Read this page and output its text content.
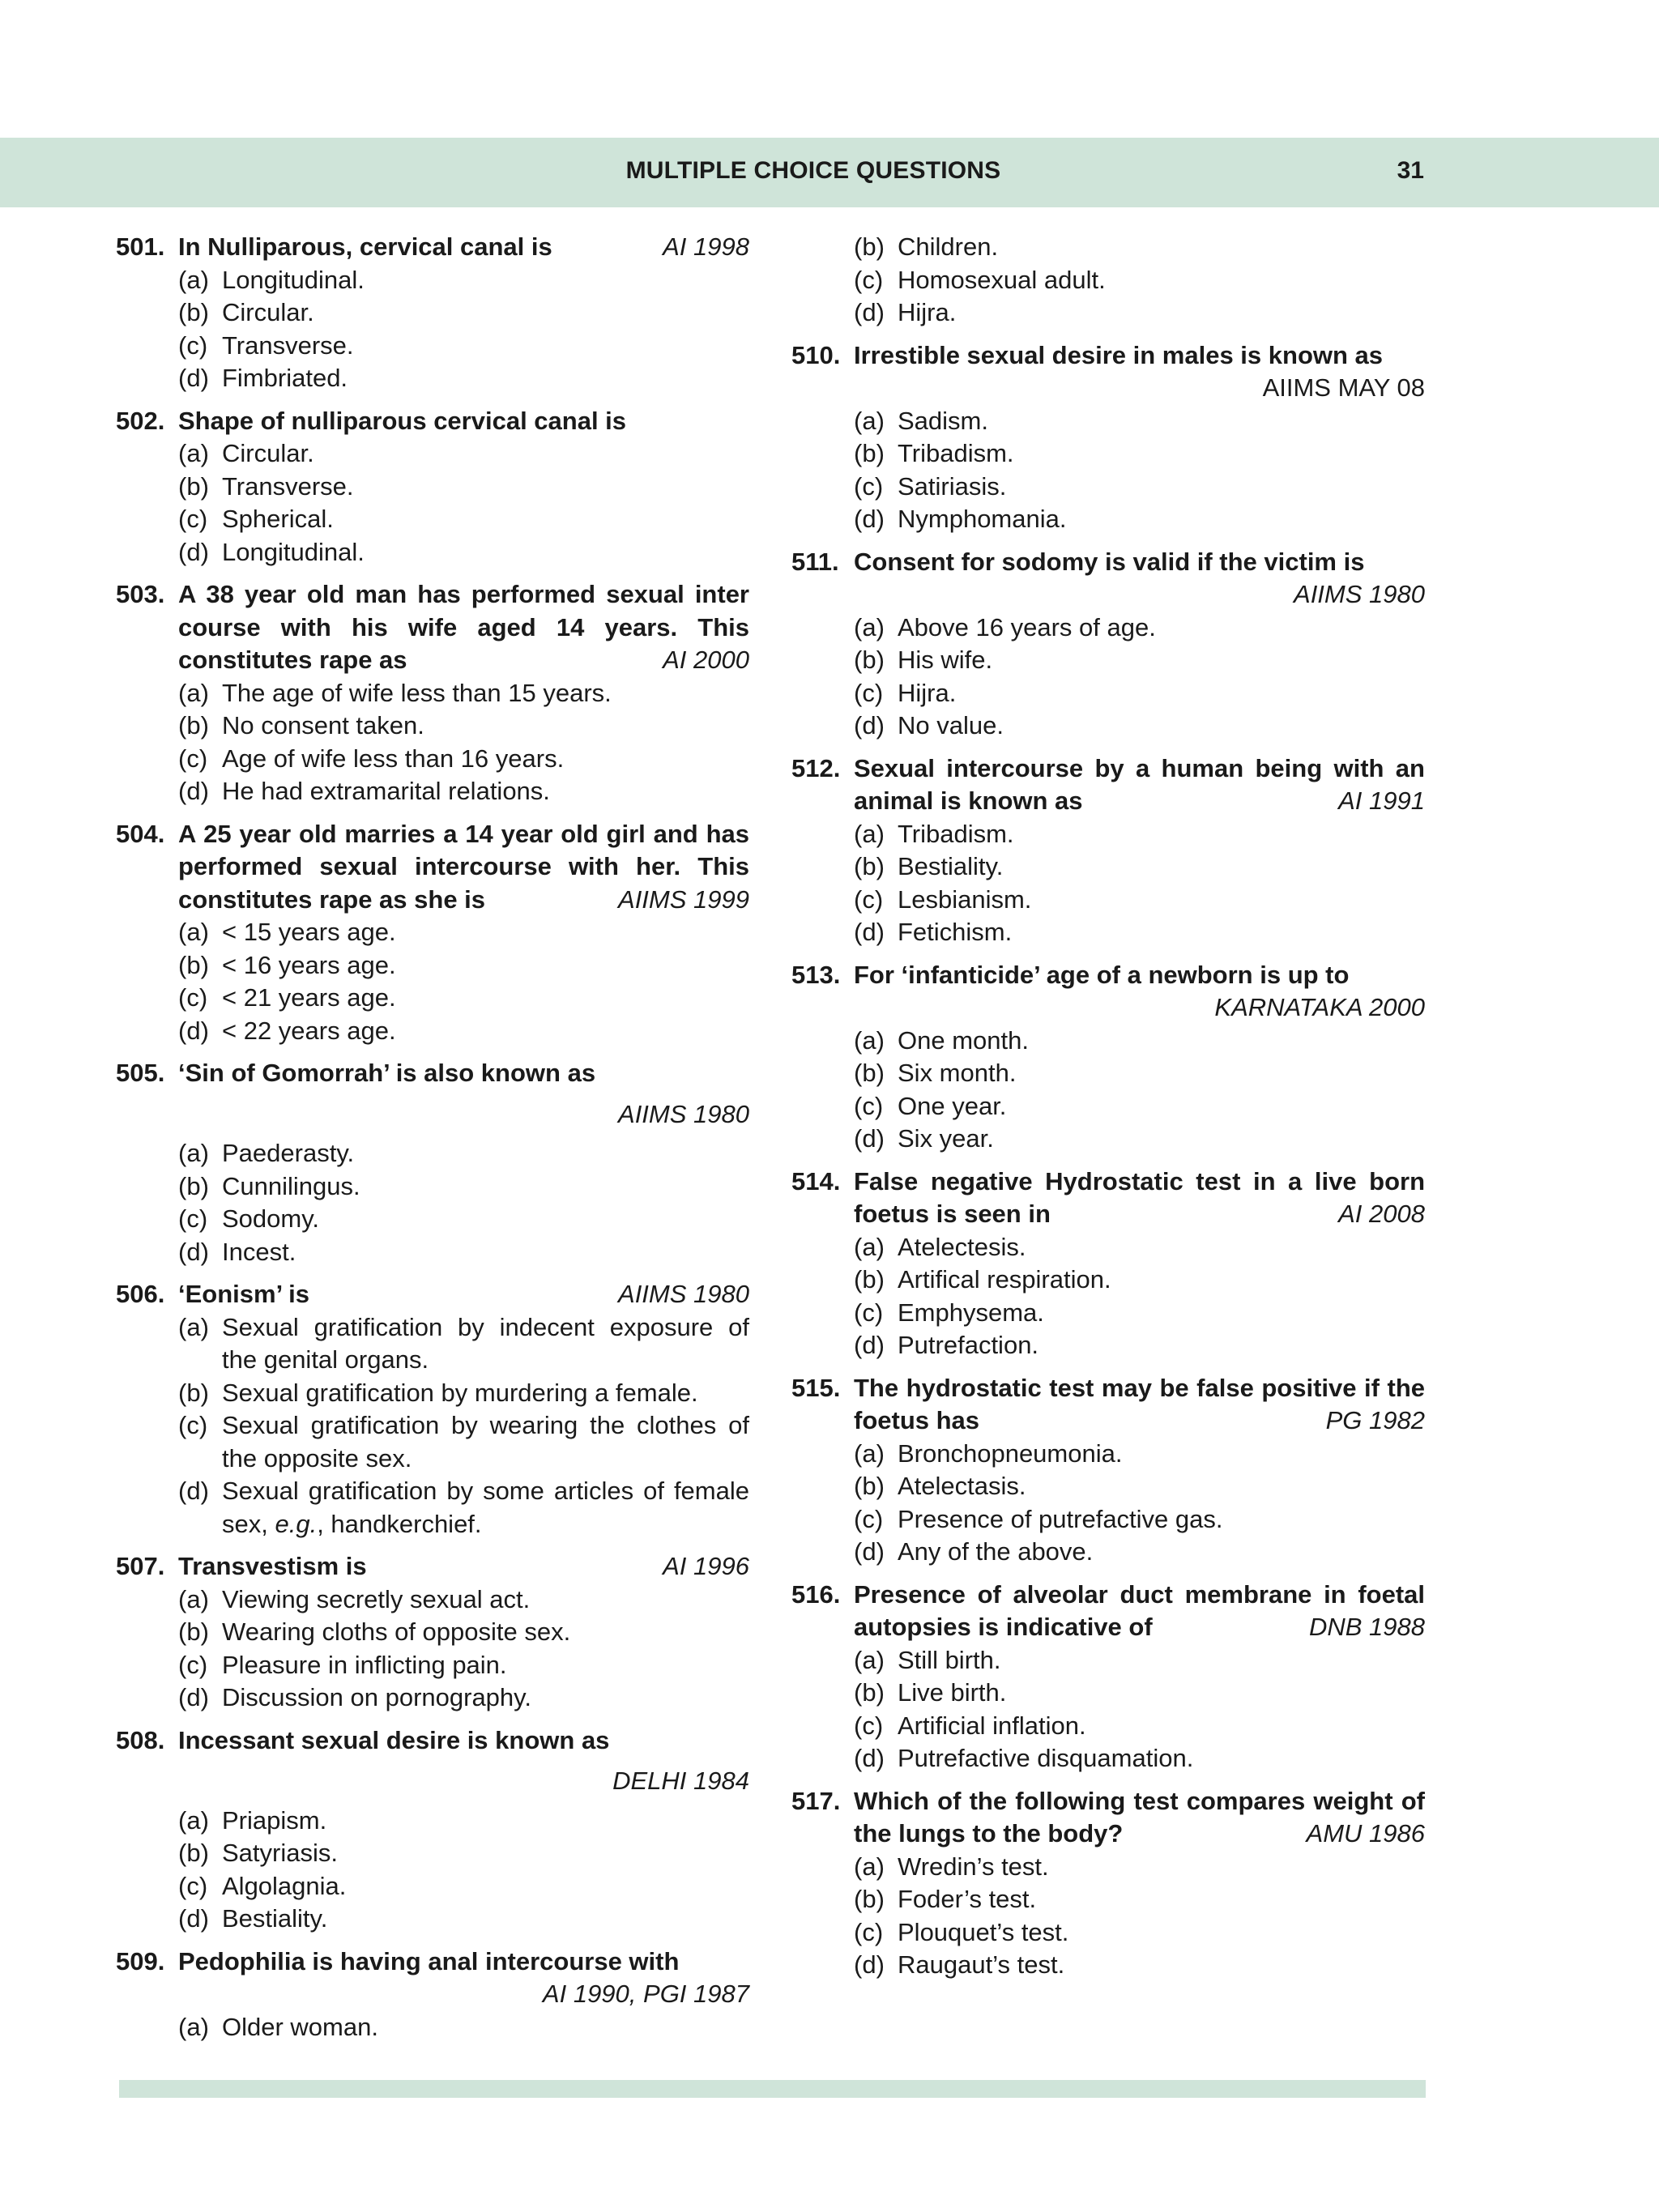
MULTIPLE CHOICE QUESTIONS	31
501. In Nulliparous, cervical canal is	AI 1998
(a) Longitudinal.
(b) Circular.
(c) Transverse.
(d) Fimbriated.
502. Shape of nulliparous cervical canal is
(a) Circular.
(b) Transverse.
(c) Spherical.
(d) Longitudinal.
503. A 38 year old man has performed sexual inter course with his wife aged 14 years. This constitutes rape as	AI 2000
(a) The age of wife less than 15 years.
(b) No consent taken.
(c) Age of wife less than 16 years.
(d) He had extramarital relations.
504. A 25 year old marries a 14 year old girl and has performed sexual intercourse with her. This constitutes rape as she is	AIIMS 1999
(a) < 15 years age.
(b) < 16 years age.
(c) < 21 years age.
(d) < 22 years age.
505. ‘Sin of Gomorrah’ is also known as
AIIMS 1980
(a) Paederasty.
(b) Cunnilingus.
(c) Sodomy.
(d) Incest.
506. ‘Eonism’ is	AIIMS 1980
(a) Sexual gratification by indecent exposure of the genital organs.
(b) Sexual gratification by murdering a female.
(c) Sexual gratification by wearing the clothes of the opposite sex.
(d) Sexual gratification by some articles of female sex, e.g., handkerchief.
507. Transvestism is	AI 1996
(a) Viewing secretly sexual act.
(b) Wearing cloths of opposite sex.
(c) Pleasure in inflicting pain.
(d) Discussion on pornography.
508. Incessant sexual desire is known as
DELHI 1984
(a) Priapism.
(b) Satyriasis.
(c) Algolagnia.
(d) Bestiality.
509. Pedophilia is having anal intercourse with
AI 1990, PGI 1987
(a) Older woman.
(b) Children.
(c) Homosexual adult.
(d) Hijra.
510. Irrestible sexual desire in males is known as
AIIMS MAY 08
(a) Sadism.
(b) Tribadism.
(c) Satiriasis.
(d) Nymphomania.
511. Consent for sodomy is valid if the victim is
AIIMS 1980
(a) Above 16 years of age.
(b) His wife.
(c) Hijra.
(d) No value.
512. Sexual intercourse by a human being with an animal is known as	AI 1991
(a) Tribadism.
(b) Bestiality.
(c) Lesbianism.
(d) Fetichism.
513. For ‘infanticide’ age of a newborn is up to
KARNATAKA 2000
(a) One month.
(b) Six month.
(c) One year.
(d) Six year.
514. False negative Hydrostatic test in a live born foetus is seen in	AI 2008
(a) Atelectesis.
(b) Artifical respiration.
(c) Emphysema.
(d) Putrefaction.
515. The hydrostatic test may be false positive if the foetus has	PG 1982
(a) Bronchopneumonia.
(b) Atelectasis.
(c) Presence of putrefactive gas.
(d) Any of the above.
516. Presence of alveolar duct membrane in foetal autopsies is indicative of	DNB 1988
(a) Still birth.
(b) Live birth.
(c) Artificial inflation.
(d) Putrefactive disquamation.
517. Which of the following test compares weight of the lungs to the body?	AMU 1986
(a) Wredin’s test.
(b) Foder’s test.
(c) Plouquet’s test.
(d) Raugaut’s test.
